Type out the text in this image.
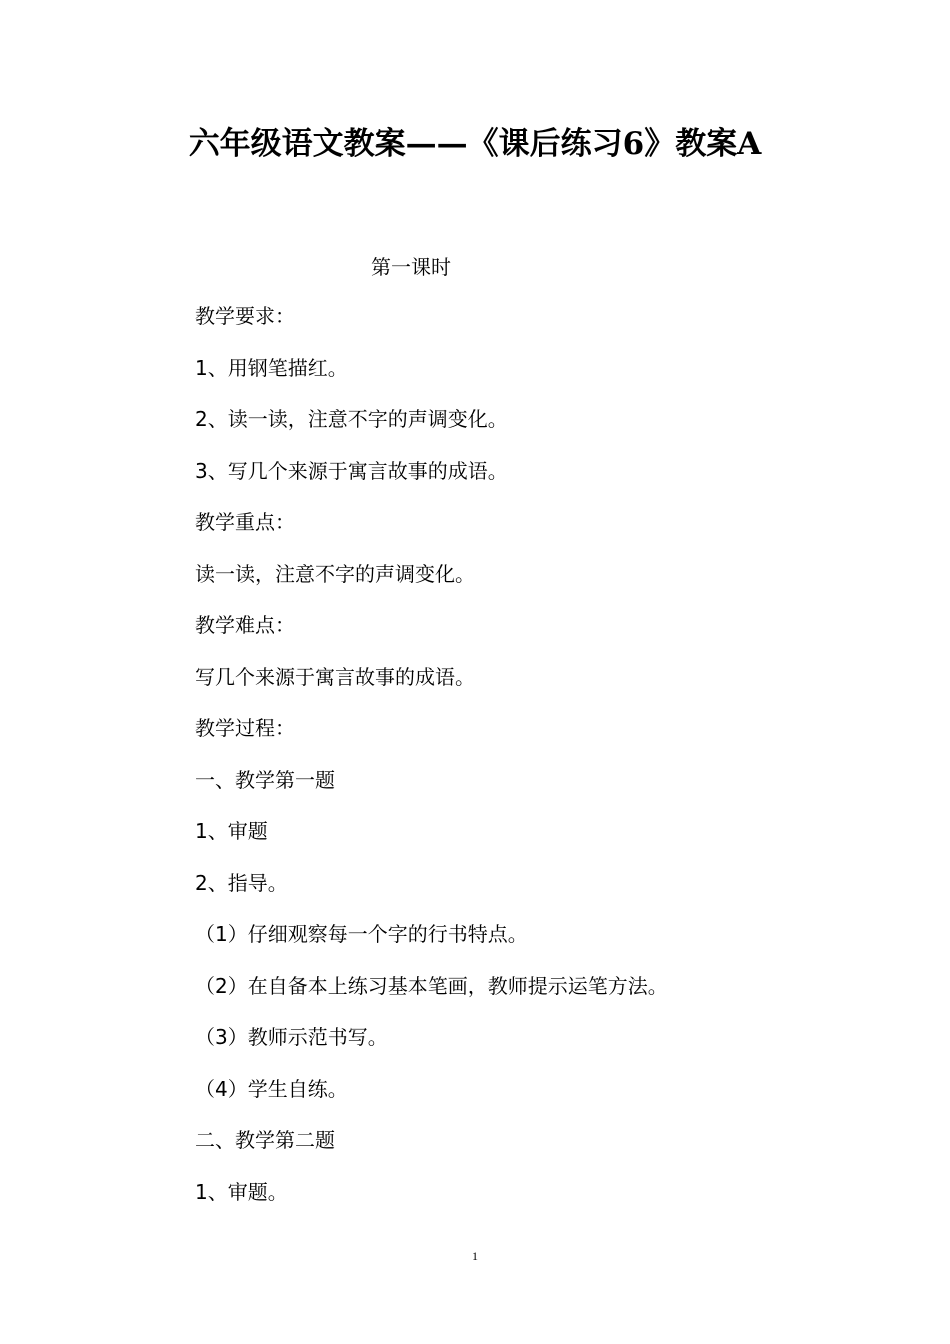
六年级语文教案——《课后练习6》教案A
第一课时
教学要求：
1、用钢笔描红。
2、读一读，注意不字的声调变化。
3、写几个来源于寓言故事的成语。
教学重点：
读一读，注意不字的声调变化。
教学难点：
写几个来源于寓言故事的成语。
教学过程：
一、教学第一题
1、审题
2、指导。
（1）仔细观察每一个字的行书特点。
（2）在自备本上练习基本笔画，教师提示运笔方法。
（3）教师示范书写。
（4）学生自练。
二、教学第二题
1、审题。
1
